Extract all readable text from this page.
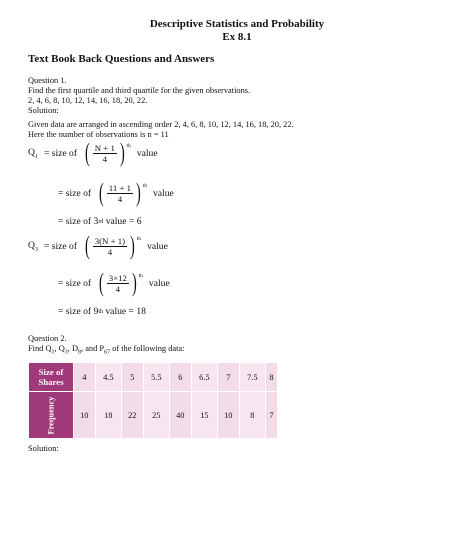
Descriptive Statistics and Probability
Ex 8.1
Text Book Back Questions and Answers
Question 1.
Find the first quartile and third quartile for the given observations.
2, 4, 6, 8, 10, 12, 14, 16, 18, 20, 22.
Solution:
Given data are arranged in ascending order 2, 4, 6, 8, 10, 12, 14, 16, 18, 20, 22.
Here the number of observations is n = 11
$Q_1$ = size of ( $\frac{N + 1}{4}$ ) th
value
= size of ( $\frac{11 + 1}{4}$ ) th
value
= size of 3 rd value = 6
$Q_3$ = size of ( $\frac{3(N + 1)}{4}$ ) th
value
= size of ( $\frac{3\times 12}{4}$ ) th
value
= size of 9 th value = 18
Question 2.
Find $Q_1$, $Q_3$, $D_8$, and $P_{67}$ of the following data:
Size of
Shares	4	4.5	5	5.5	6	6.5	7	7.5	8
Frequency	10	18	22	25	40	15	10	8	7
Solution:
